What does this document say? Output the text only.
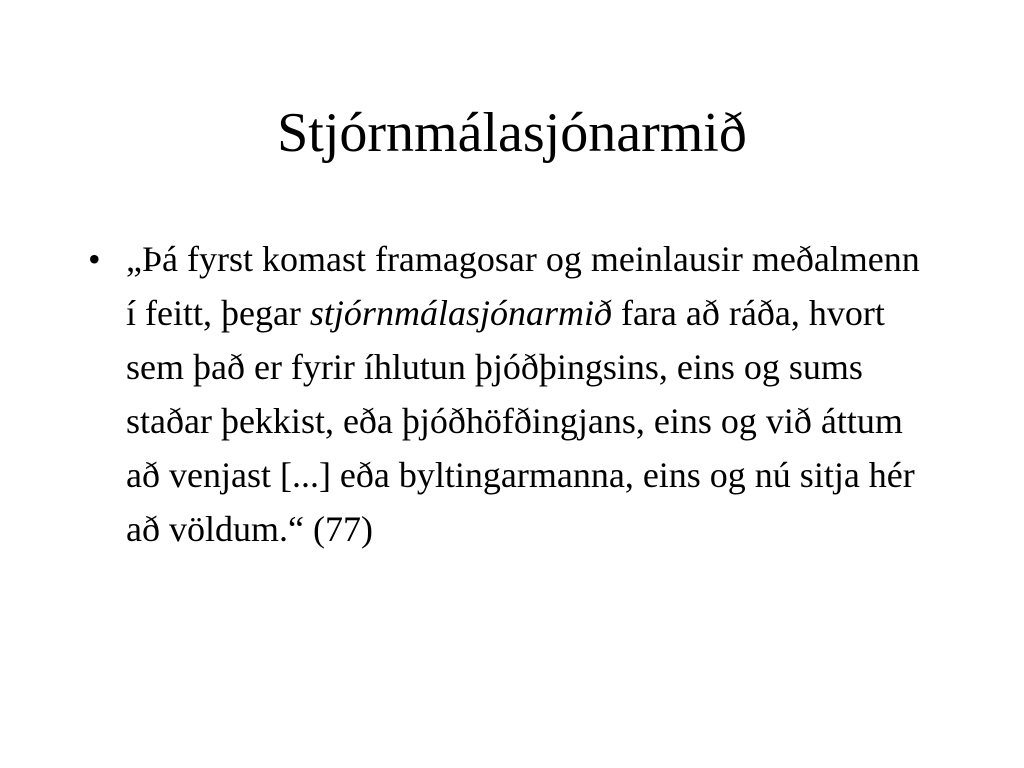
Stjórnmálasjónarmið
• „Þá fyrst komast framagosar og meinlausir meðalmenn í feitt, þegar stjórnmálasjónarmið fara að ráða, hvort sem það er fyrir íhlutun þjóðþingsins, eins og sums staðar þekkist, eða þjóðhöfðingjans, eins og við áttum að venjast [...] eða byltingarmanna, eins og nú sitja hér að völdum.“ (77)
